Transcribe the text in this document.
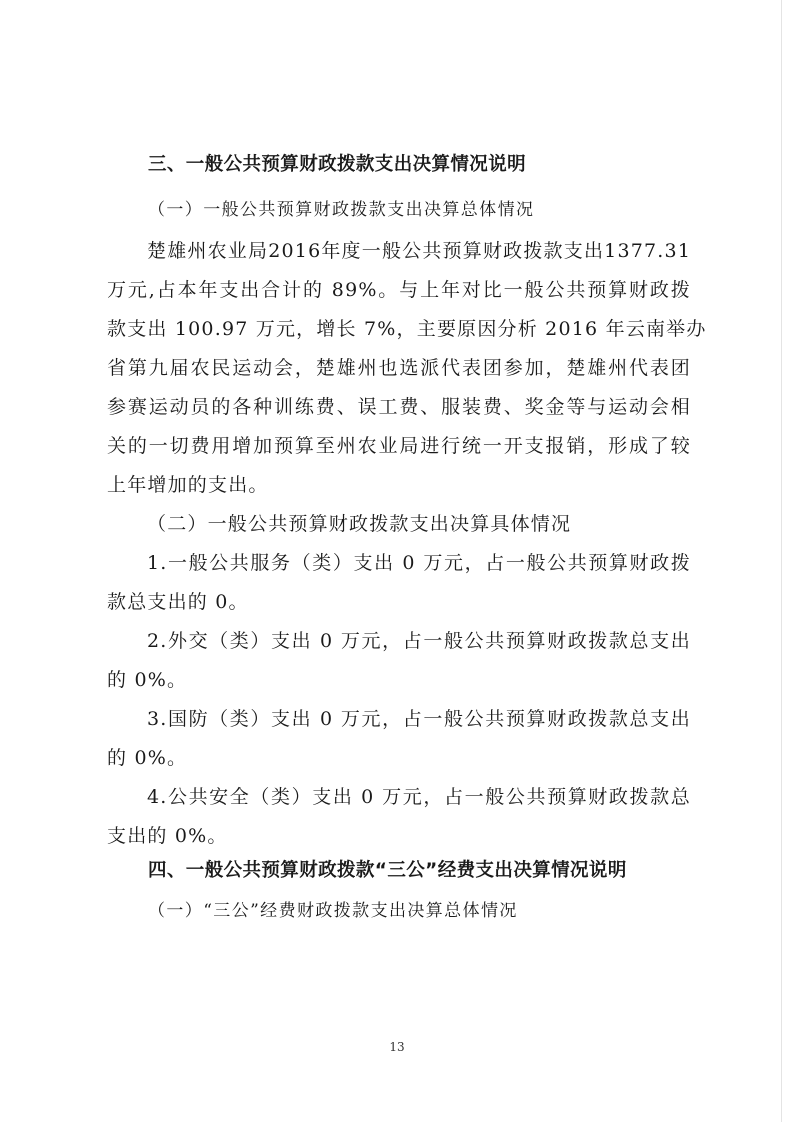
三、一般公共预算财政拨款支出决算情况说明
（一）一般公共预算财政拨款支出决算总体情况
楚雄州农业局2016年度一般公共预算财政拨款支出1377.31
万元,占本年支出合计的 89%。与上年对比一般公共预算财政拨
款支出 100.97 万元，增长 7%，主要原因分析 2016 年云南举办
省第九届农民运动会，楚雄州也选派代表团参加，楚雄州代表团
参赛运动员的各种训练费、误工费、服装费、奖金等与运动会相
关的一切费用增加预算至州农业局进行统一开支报销，形成了较
上年增加的支出。
（二）一般公共预算财政拨款支出决算具体情况
1.一般公共服务（类）支出 0 万元，占一般公共预算财政拨
款总支出的 0。
2.外交（类）支出 0 万元，占一般公共预算财政拨款总支出
的 0%。
3.国防（类）支出 0 万元，占一般公共预算财政拨款总支出
的 0%。
4.公共安全（类）支出 0 万元，占一般公共预算财政拨款总
支出的 0%。
四、一般公共预算财政拨款“三公”经费支出决算情况说明
（一）“三公”经费财政拨款支出决算总体情况
13
